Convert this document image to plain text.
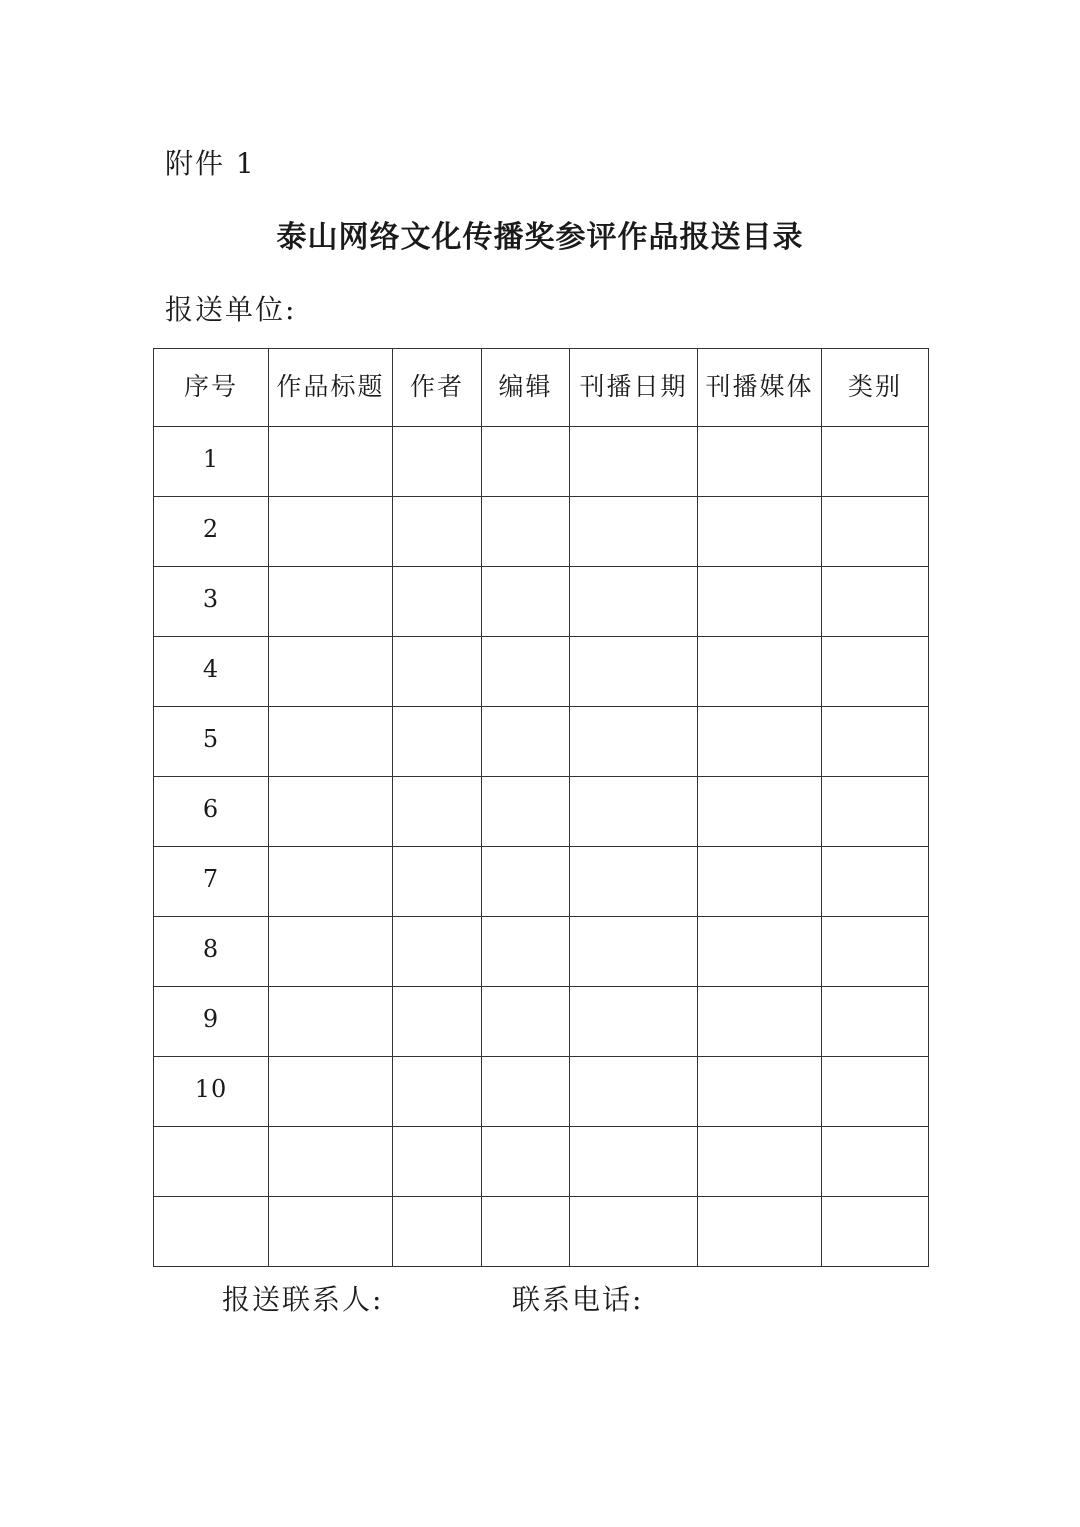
附件 1
泰山网络文化传播奖参评作品报送目录
报送单位:
序号	作品标题	作者	编辑	刊播日期	刊播媒体	类别
1						
2						
3						
4						
5						
6						
7						
8						
9						
10						

报送联系人:	联系电话:
